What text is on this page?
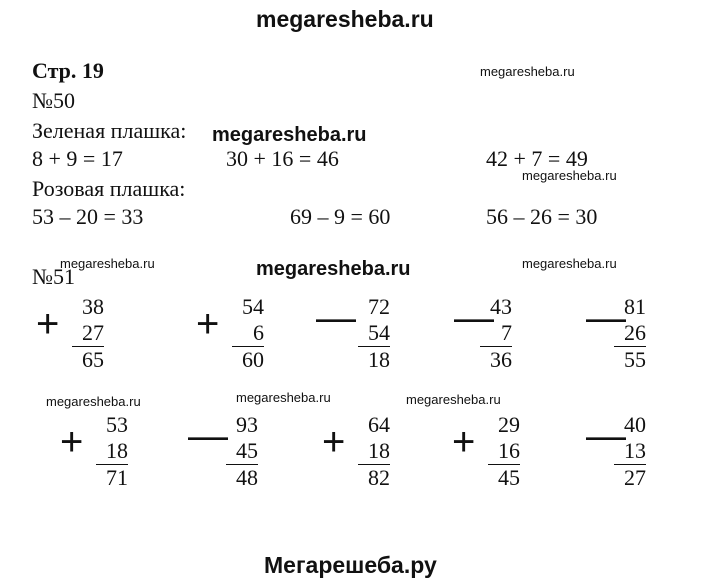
megaresheba.ru
Стр. 19	megaresheba.ru
№50
Зеленая плашка: megaresheba.ru
8 + 9 = 17	30 + 16 = 46	42 + 7 = 49
megaresheba.ru
Розовая плашка:
53 – 20 = 33	69 – 9 = 60	56 – 26 = 30
megaresheba.ru	megaresheba.ru	megaresheba.ru
№51
+	38
27
65
+	54
6
60
— 72
54
18
—
43
7
36
—
81
26
55
megaresheba.ru	megaresheba.ru	megaresheba.ru
+	53
18
71
— 93
45
48
+	64
18
82
+	29
16
45
—
40
13
27
Мегарешеба.ру
